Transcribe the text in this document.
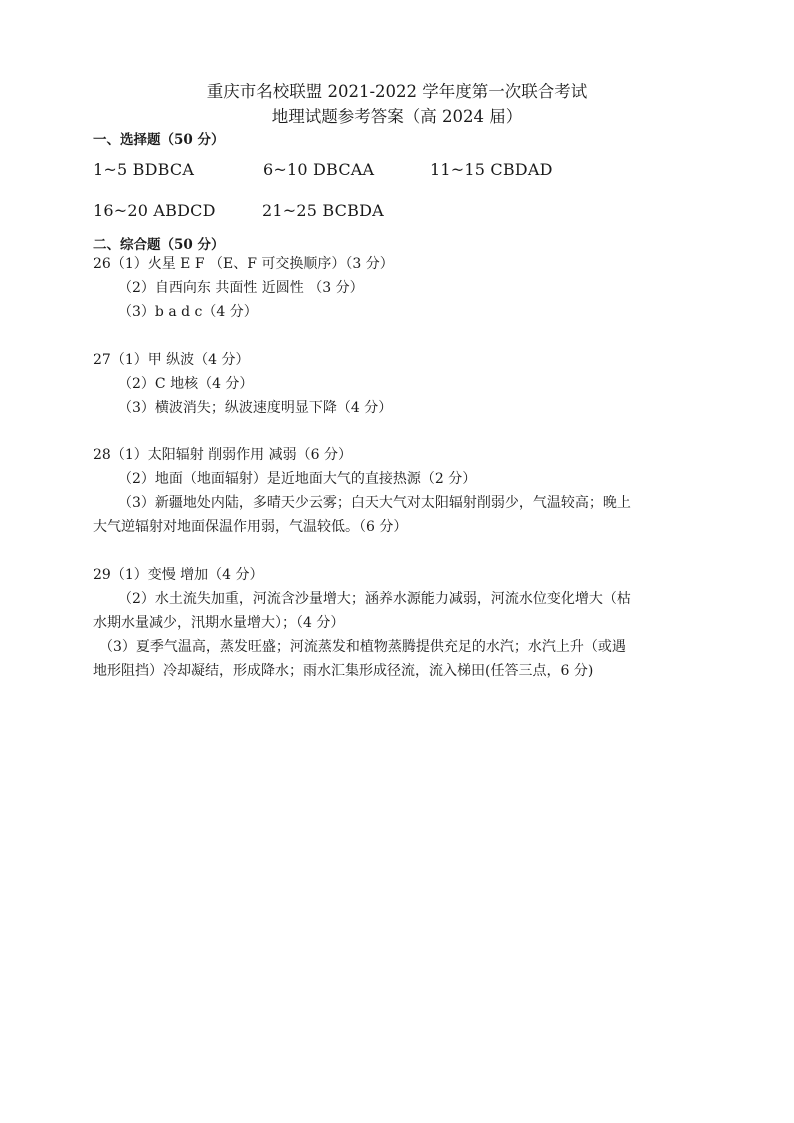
重庆市名校联盟 2021-2022 学年度第一次联合考试
地理试题参考答案（高 2024 届）
一、选择题（50 分）
1~5 BDBCA	6~10 DBCAA	11~15 CBDAD
16~20 ABDCD	21~25 BCBDA
二、综合题（50 分）
26（1）火星 E F （E、F 可交换顺序）（3 分）
（2）自西向东 共面性 近圆性 （3 分）
（3）b a d c（4 分）
27（1）甲 纵波（4 分）
（2）C 地核（4 分）
（3）横波消失；纵波速度明显下降（4 分）
28（1）太阳辐射 削弱作用 减弱（6 分）
（2）地面（地面辐射）是近地面大气的直接热源（2 分）
（3）新疆地处内陆，多晴天少云雾；白天大气对太阳辐射削弱少，气温较高；晚上
大气逆辐射对地面保温作用弱，气温较低。（6 分）
29（1）变慢 增加（4 分）
（2）水土流失加重，河流含沙量增大；涵养水源能力减弱，河流水位变化增大（枯
水期水量减少，汛期水量增大）；（4 分）
（3）夏季气温高，蒸发旺盛；河流蒸发和植物蒸腾提供充足的水汽；水汽上升（或遇
地形阻挡）冷却凝结，形成降水；雨水汇集形成径流，流入梯田(任答三点，6 分)
